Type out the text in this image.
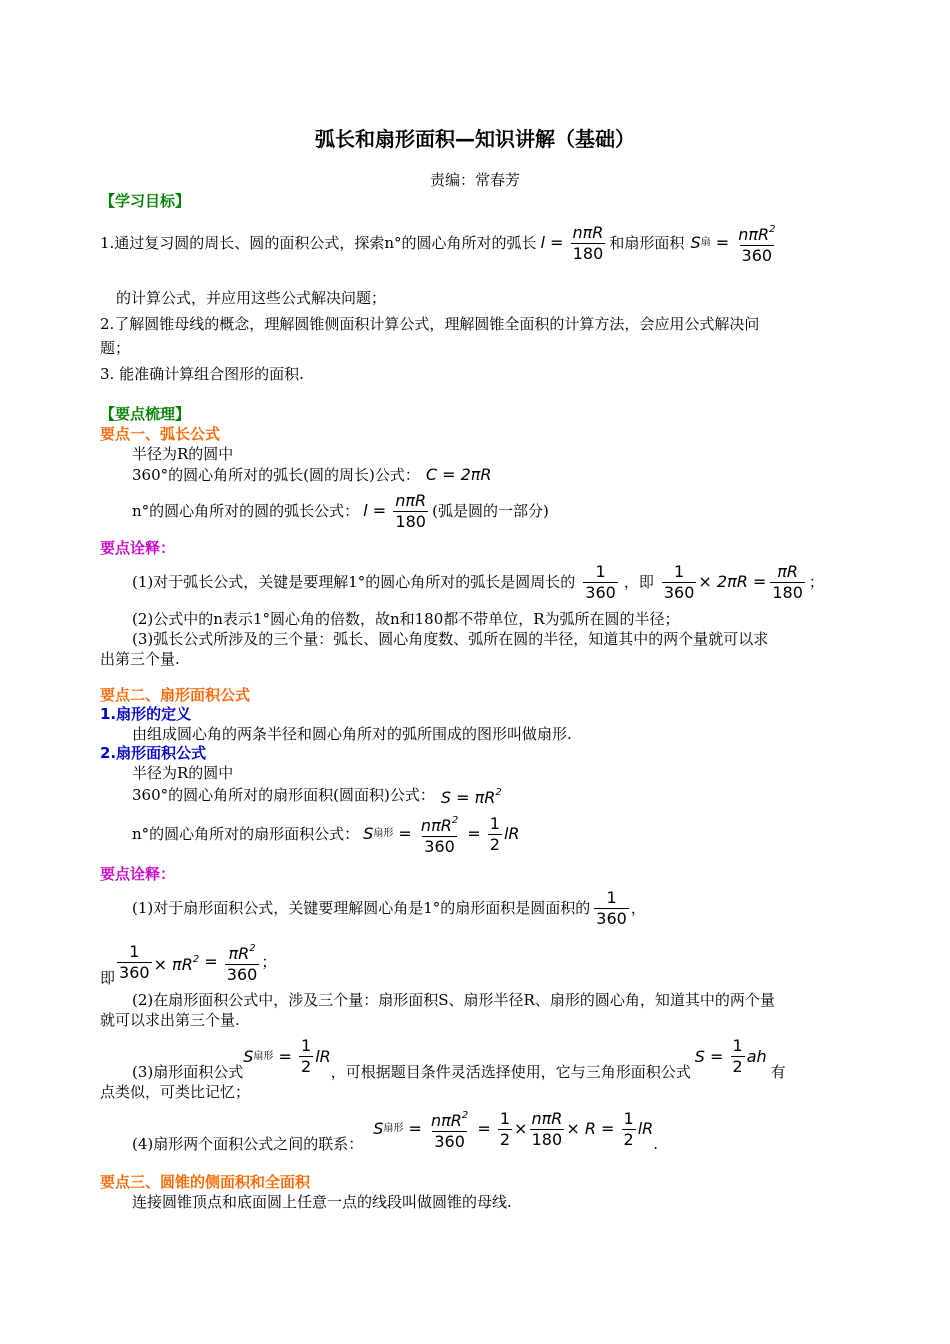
弧长和扇形面积—知识讲解（基础）
责编：常春芳
【学习目标】
1.通过复习圆的周长、圆的面积公式，探索n°的圆心角所对的弧长 l
=
$\frac{\text{nπR}}{180}$ 和扇形面积 S 扇
=
$\frac{n\pi R^2}{360}$
的计算公式，并应用这些公式解决问题；
2.了解圆锥母线的概念，理解圆锥侧面积计算公式，理解圆锥全面积的计算方法，会应用公式解决问
题；
3. 能准确计算组合图形的面积.
【要点梳理】
要点一、弧长公式
半径为R的圆中
360°的圆心角所对的弧长(圆的周长)公式： C = 2πR
n°的圆心角所对的圆的弧长公式： l
=
$\frac{\text{nπR}}{180}$ (弧是圆的一部分)
要点诠释：
(1)对于弧长公式，关键是要理解1°的圆心角所对的弧长是圆周长的 $\frac{1}{360}$ ，即 $\frac{1}{360} \times 2\pi R = \frac{\pi R}{180}$ ；
(2)公式中的n表示1°圆心角的倍数，故n和180都不带单位，R为弧所在圆的半径；
(3)弧长公式所涉及的三个量：弧长、圆心角度数、弧所在圆的半径，知道其中的两个量就可以求
出第三个量.
要点二、扇形面积公式
1.扇形的定义
由组成圆心角的两条半径和圆心角所对的弧所围成的图形叫做扇形.
2.扇形面积公式
半径为R的圆中
360°的圆心角所对的扇形面积(圆面积)公式： $S = \pi R^2$
n°的圆心角所对的扇形面积公式： S 扇形
=
$\frac{n\pi R^2}{360}$
=
$\frac{1}{2}$ lR
要点诠释：
(1)对于扇形面积公式，关键要理解圆心角是1°的扇形面积是圆面积的 $\frac{1}{360}$ ，
即 $\frac{1}{360} \times \pi R^2$
=
$\frac{\pi R^2}{360}$ ；
(2)在扇形面积公式中，涉及三个量：扇形面积S、扇形半径R、扇形的圆心角，知道其中的两个量
就可以求出第三个量.
(3)扇形面积公式
S 扇形
=
$\frac{1}{2}$ lR
，可根据题目条件灵活选择使用，它与三角形面积公式
S =
$\frac{1}{2}$ ah
有
点类似，可类比记忆；
(4)扇形两个面积公式之间的联系：
S 扇形
=
$\frac{n\pi R^2}{360}$
=
$\frac{1}{2} \times \frac{\text{nπR}}{180} \times R$ =
$\frac{1}{2}$ lR
.
要点三、圆锥的侧面积和全面积
连接圆锥顶点和底面圆上任意一点的线段叫做圆锥的母线.
